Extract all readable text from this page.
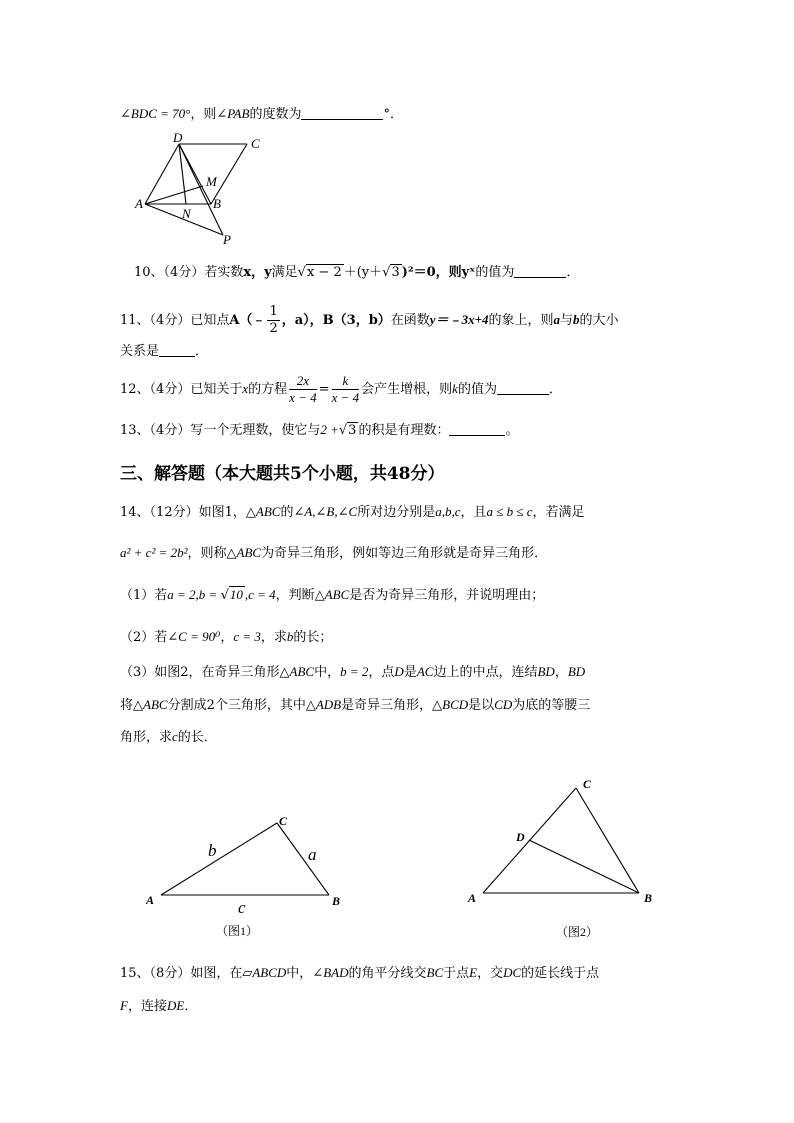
∠BDC = 70°，则∠PAB的度数为	°．
D	C
M
A
N
B
P
10、（4分）若实数x，y满足√x − 2 ＋(y＋√3 )²＝0，则yˣ的值为	．
11、（4分）已知点A（﹣ $\frac{1}{2}$ ，a），B（3，b）在函数y＝﹣3x+4的象上，则a与b的大小
关系是	．
12、（4分）已知关于x的方程 $\frac{2x}{x - 4} = \frac{k}{x - 4}$ 会产生增根，则k的值为	．
13、（4分）写一个无理数，使它与2 +√3 的积是有理数：	。
三、解答题（本大题共5个小题，共48分）
14、（12分）如图1，△ABC的∠A,∠B,∠C所对边分别是a,b,c，且a ≤ b ≤ c，若满足
a² + c² = 2b²，则称△ABC为奇异三角形，例如等边三角形就是奇异三角形．
（1）若a = 2,b = √10 ,c = 4，判断△ABC是否为奇异三角形，并说明理由；
（2）若∠C = 90⁰，c = 3，求b的长；
（3）如图2，在奇异三角形△ABC中，b = 2，点D是AC边上的中点，连结BD，BD
将△ABC分割成2个三角形，其中△ADB是奇异三角形，△BCD是以CD为底的等腰三
角形，求c的长．
A	B
C
a
b
c
（图1）
A	B
C
D
（图2）
15、（8分）如图，在▱ABCD中，∠BAD的角平分线交BC于点E，交DC的延长线于点
F，连接DE．
